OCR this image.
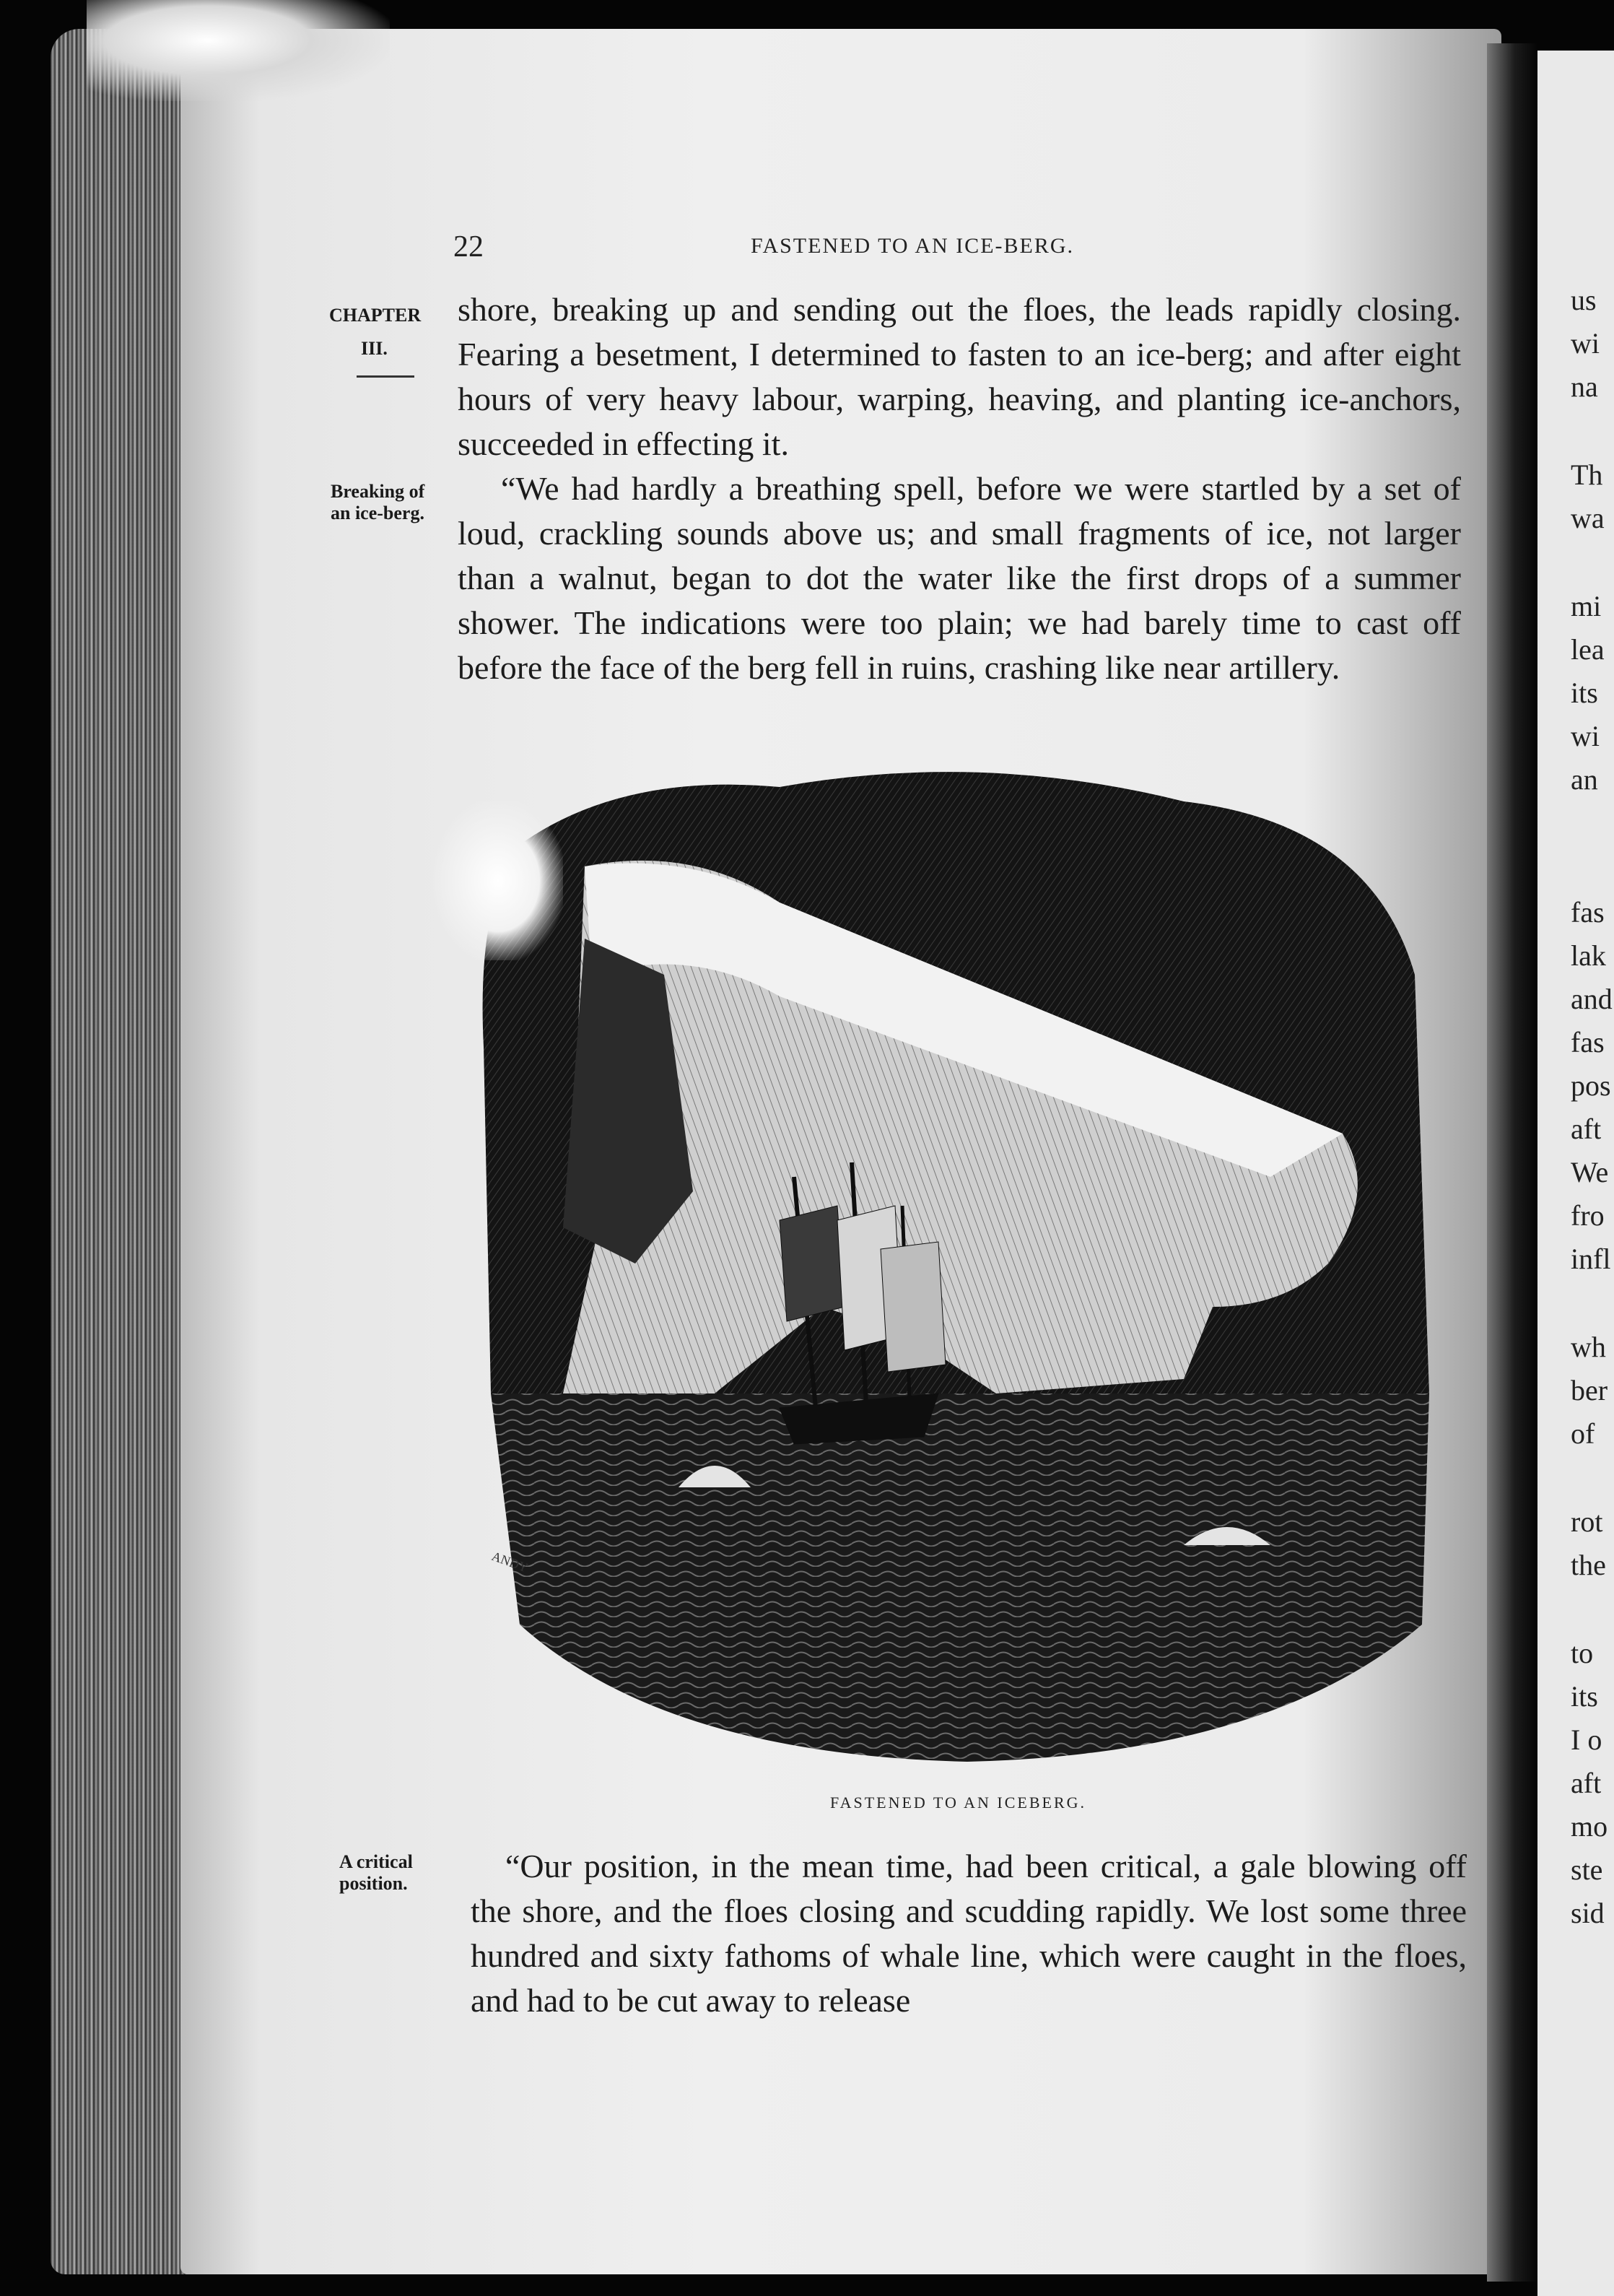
22	FASTENED TO AN ICE-BERG.
CHAPTER
III.
Breaking of an ice-berg.
A critical position.

shore, breaking up and sending out the floes, the leads rapidly closing. Fearing a besetment, I determined to fasten to an ice-berg; and after eight hours of very heavy labour, warping, heaving, and planting ice-anchors, succeeded in effecting it.

“We had hardly a breathing spell, before we were startled by a set of loud, crackling sounds above us; and small fragments of ice, not larger than a walnut, began to dot the water like the first drops of a summer shower. The indications were too plain; we had barely time to cast off before the face of the berg fell in ruins, crashing like near artillery.

ANDY
FASTENED TO AN ICEBERG.

“Our position, in the mean time, had been critical, a gale blowing off the shore, and the floes closing and scudding rapidly. We lost some three hundred and sixty fathoms of whale line, which were caught in the floes, and had to be cut away to release

us
wi
na
Th
wa
mi
lea
its
wi
an
fas
lak
and
fas
pos
aft
We
fro
infl
wh
ber
of
rot
the
to
its
I o
aft
mo
ste
sid
